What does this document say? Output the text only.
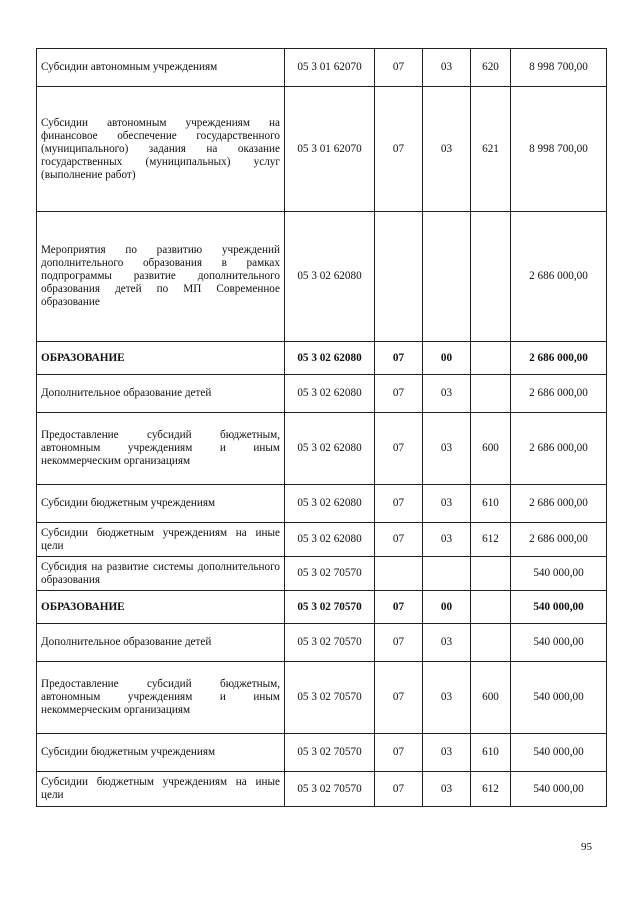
Субсидии автономным учреждениям	05 3 01 62070	07	03	620	8 998 700,00
Субсидии автономным учреждениям на финансовое обеспечение государственного (муниципального) задания на оказание государственных (муниципальных) услуг (выполнение работ)	05 3 01 62070	07	03	621	8 998 700,00
Мероприятия по развитию учреждений дополнительного образования в рамках подпрограммы развитие дополнительного образования детей по МП Современное образование	05 3 02 62080				2 686 000,00
ОБРАЗОВАНИЕ	05 3 02 62080	07	00		2 686 000,00
Дополнительное образование детей	05 3 02 62080	07	03		2 686 000,00
Предоставление субсидий бюджетным, автономным учреждениям и иным некоммерческим организациям	05 3 02 62080	07	03	600	2 686 000,00
Субсидии бюджетным учреждениям	05 3 02 62080	07	03	610	2 686 000,00
Субсидии бюджетным учреждениям на иные цели	05 3 02 62080	07	03	612	2 686 000,00
Субсидия на развитие системы дополнительного образования	05 3 02 70570				540 000,00
ОБРАЗОВАНИЕ	05 3 02 70570	07	00		540 000,00
Дополнительное образование детей	05 3 02 70570	07	03		540 000,00
Предоставление субсидий бюджетным, автономным учреждениям и иным некоммерческим организациям	05 3 02 70570	07	03	600	540 000,00
Субсидии бюджетным учреждениям	05 3 02 70570	07	03	610	540 000,00
Субсидии бюджетным учреждениям на иные цели	05 3 02 70570	07	03	612	540 000,00
95
